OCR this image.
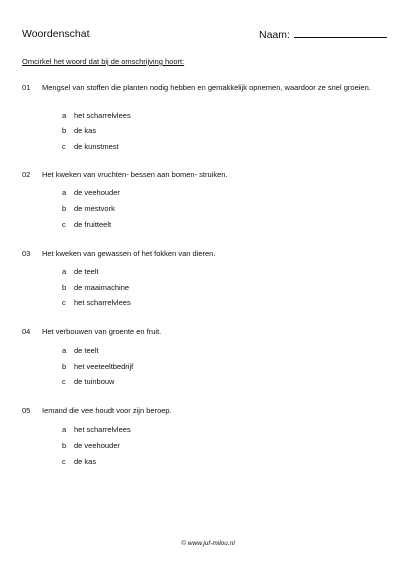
Woordenschat	Naam:
Omcirkel het woord dat bij de omschrijving hoort:
01 Mengsel van stoffen die planten nodig hebben en gemakkelijk opnemen, waardoor ze snel groeien.
a het scharrelvlees
b de kas
c de kunstmest
02 Het kweken van vruchten- bessen aan bomen- struiken.
a de veehouder
b de mestvork
c de fruitteelt
03 Het kweken van gewassen of het fokken van dieren.
a de teelt
b de maaimachine
c het scharrelvlees
04 Het verbouwen van groente en fruit.
a de teelt
b het veeteeltbedrijf
c de tuinbouw
05 Iemand die vee houdt voor zijn beroep.
a het scharrelvlees
b de veehouder
c de kas
© www.juf-milou.nl
